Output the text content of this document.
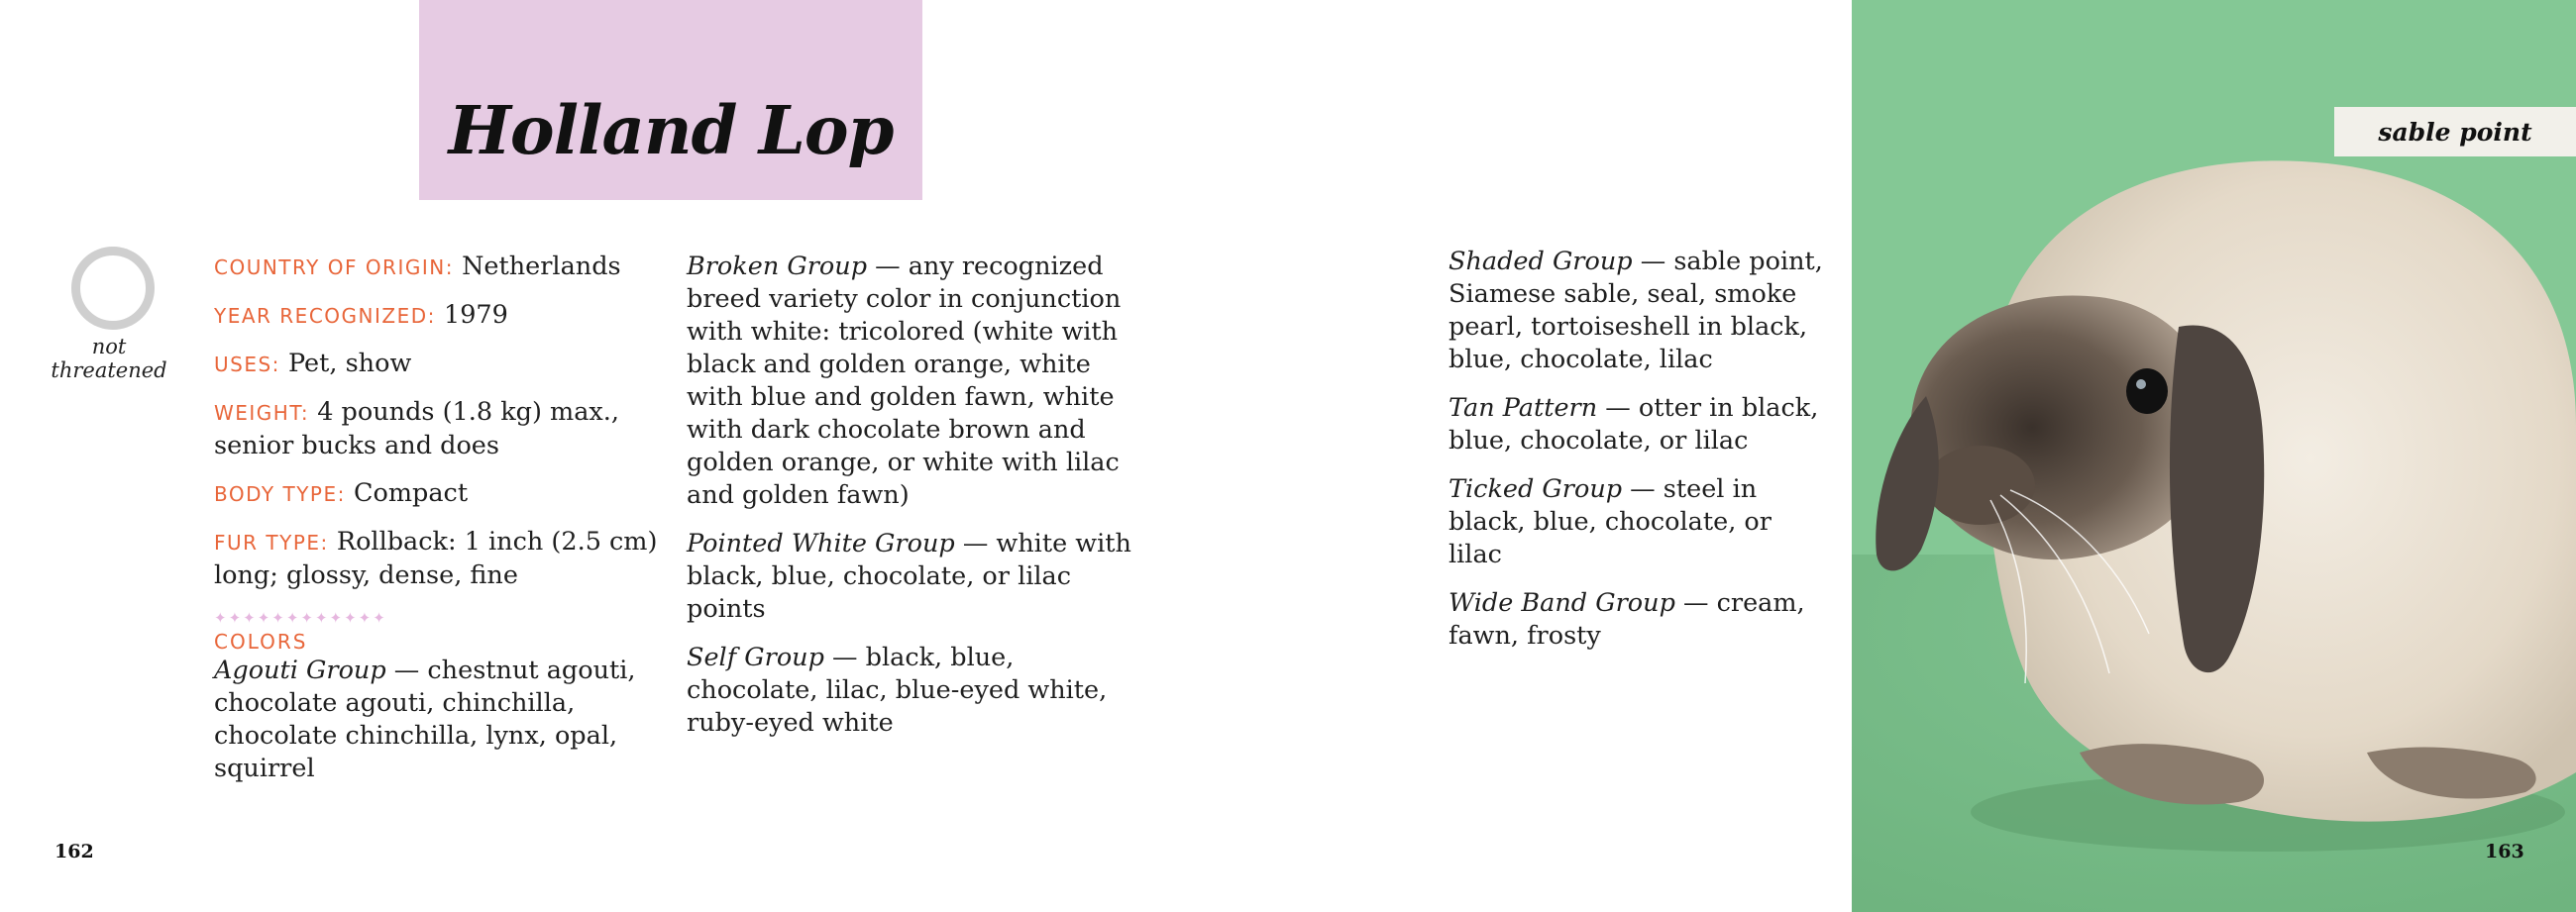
Holland Lop
not threatened
COUNTRY OF ORIGIN: Netherlands
YEAR RECOGNIZED: 1979
USES: Pet, show
WEIGHT: 4 pounds (1.8 kg) max., senior bucks and does
BODY TYPE: Compact
FUR TYPE: Rollback: 1 inch (2.5 cm) long; glossy, dense, fine
✦✦✦✦✦✦✦✦✦✦✦✦
COLORS
Agouti Group — chestnut agouti, chocolate agouti, chinchilla, chocolate chinchilla, lynx, opal, squirrel
Broken Group — any recognized breed variety color in conjunction with white: tricolored (white with black and golden orange, white with blue and golden fawn, white with dark chocolate brown and golden orange, or white with lilac and golden fawn)
Pointed White Group — white with black, blue, chocolate, or lilac points
Self Group — black, blue, chocolate, lilac, blue-eyed white, ruby-eyed white
162
Shaded Group — sable point, Siamese sable, seal, smoke pearl, tortoiseshell in black, blue, chocolate, lilac
Tan Pattern — otter in black, blue, chocolate, or lilac
Ticked Group — steel in black, blue, chocolate, or lilac
Wide Band Group — cream, fawn, frosty
sable point
163
